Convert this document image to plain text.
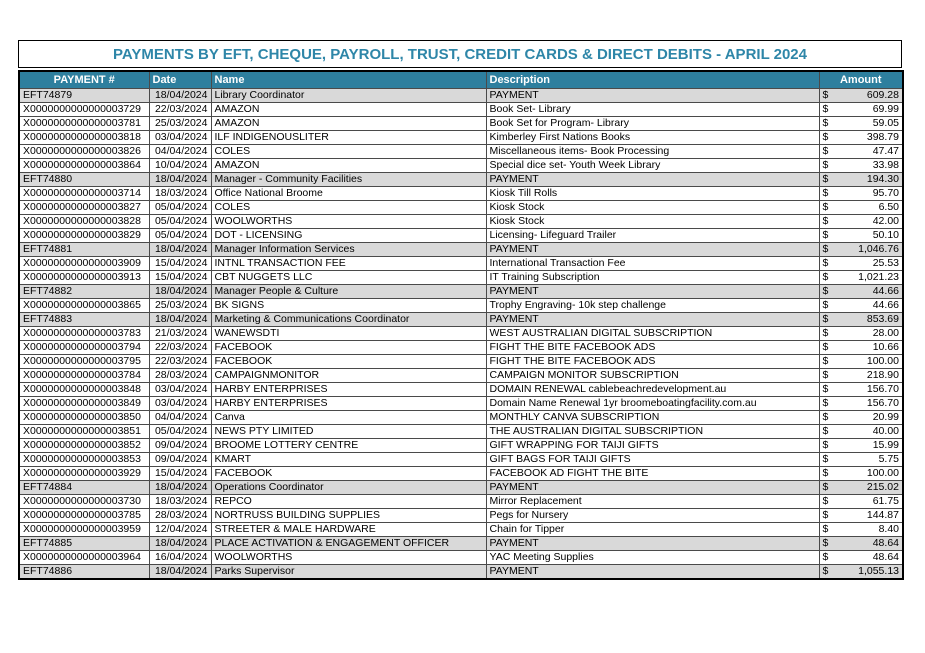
PAYMENTS BY EFT, CHEQUE, PAYROLL, TRUST, CREDIT CARDS & DIRECT DEBITS - APRIL 2024
PAYMENT #	Date	Name	Description	Amount
EFT74879	18/04/2024	Library Coordinator	PAYMENT	$ 609.28

X0000000000000003729	22/03/2024	AMAZON	Book Set- Library	$ 69.99

X0000000000000003781	25/03/2024	AMAZON	Book Set for Program- Library	$ 59.05

X0000000000000003818	03/04/2024	ILF INDIGENOUSLITER	Kimberley First Nations Books	$ 398.79

X0000000000000003826	04/04/2024	COLES	Miscellaneous items- Book Processing	$ 47.47

X0000000000000003864	10/04/2024	AMAZON	Special dice set- Youth Week Library	$ 33.98

EFT74880	18/04/2024	Manager - Community Facilities	PAYMENT	$ 194.30

X0000000000000003714	18/03/2024	Office National Broome	Kiosk Till Rolls	$ 95.70

X0000000000000003827	05/04/2024	COLES	Kiosk Stock	$ 6.50

X0000000000000003828	05/04/2024	WOOLWORTHS	Kiosk Stock	$ 42.00

X0000000000000003829	05/04/2024	DOT - LICENSING	Licensing- Lifeguard Trailer	$ 50.10

EFT74881	18/04/2024	Manager Information Services	PAYMENT	$ 1,046.76

X0000000000000003909	15/04/2024	INTNL TRANSACTION FEE	International Transaction Fee	$ 25.53

X0000000000000003913	15/04/2024	CBT NUGGETS LLC	IT Training Subscription	$ 1,021.23

EFT74882	18/04/2024	Manager People & Culture	PAYMENT	$ 44.66

X0000000000000003865	25/03/2024	BK SIGNS	Trophy Engraving- 10k step challenge	$ 44.66

EFT74883	18/04/2024	Marketing & Communications Coordinator	PAYMENT	$ 853.69

X0000000000000003783	21/03/2024	WANEWSDTI	WEST AUSTRALIAN DIGITAL SUBSCRIPTION	$ 28.00

X0000000000000003794	22/03/2024	FACEBOOK	FIGHT THE BITE FACEBOOK ADS	$ 10.66

X0000000000000003795	22/03/2024	FACEBOOK	FIGHT THE BITE FACEBOOK ADS	$ 100.00

X0000000000000003784	28/03/2024	CAMPAIGNMONITOR	CAMPAIGN MONITOR SUBSCRIPTION	$ 218.90

X0000000000000003848	03/04/2024	HARBY ENTERPRISES	DOMAIN RENEWAL cablebeachredevelopment.au	$ 156.70

X0000000000000003849	03/04/2024	HARBY ENTERPRISES	Domain Name Renewal 1yr broomeboatingfacility.com.au	$ 156.70

X0000000000000003850	04/04/2024	Canva	MONTHLY CANVA SUBSCRIPTION	$ 20.99

X0000000000000003851	05/04/2024	NEWS PTY LIMITED	THE AUSTRALIAN DIGITAL SUBSCRIPTION	$ 40.00

X0000000000000003852	09/04/2024	BROOME LOTTERY CENTRE	GIFT WRAPPING FOR TAIJI GIFTS	$ 15.99

X0000000000000003853	09/04/2024	KMART	GIFT BAGS FOR TAIJI GIFTS	$ 5.75

X0000000000000003929	15/04/2024	FACEBOOK	FACEBOOK AD FIGHT THE BITE	$ 100.00

EFT74884	18/04/2024	Operations Coordinator	PAYMENT	$ 215.02

X0000000000000003730	18/03/2024	REPCO	Mirror Replacement	$ 61.75

X0000000000000003785	28/03/2024	NORTRUSS BUILDING SUPPLIES	Pegs for Nursery	$ 144.87

X0000000000000003959	12/04/2024	STREETER & MALE HARDWARE	Chain for Tipper	$ 8.40

EFT74885	18/04/2024	PLACE ACTIVATION & ENGAGEMENT OFFICER	PAYMENT	$ 48.64

X0000000000000003964	16/04/2024	WOOLWORTHS	YAC Meeting Supplies	$ 48.64

EFT74886	18/04/2024	Parks Supervisor	PAYMENT	$ 1,055.13
